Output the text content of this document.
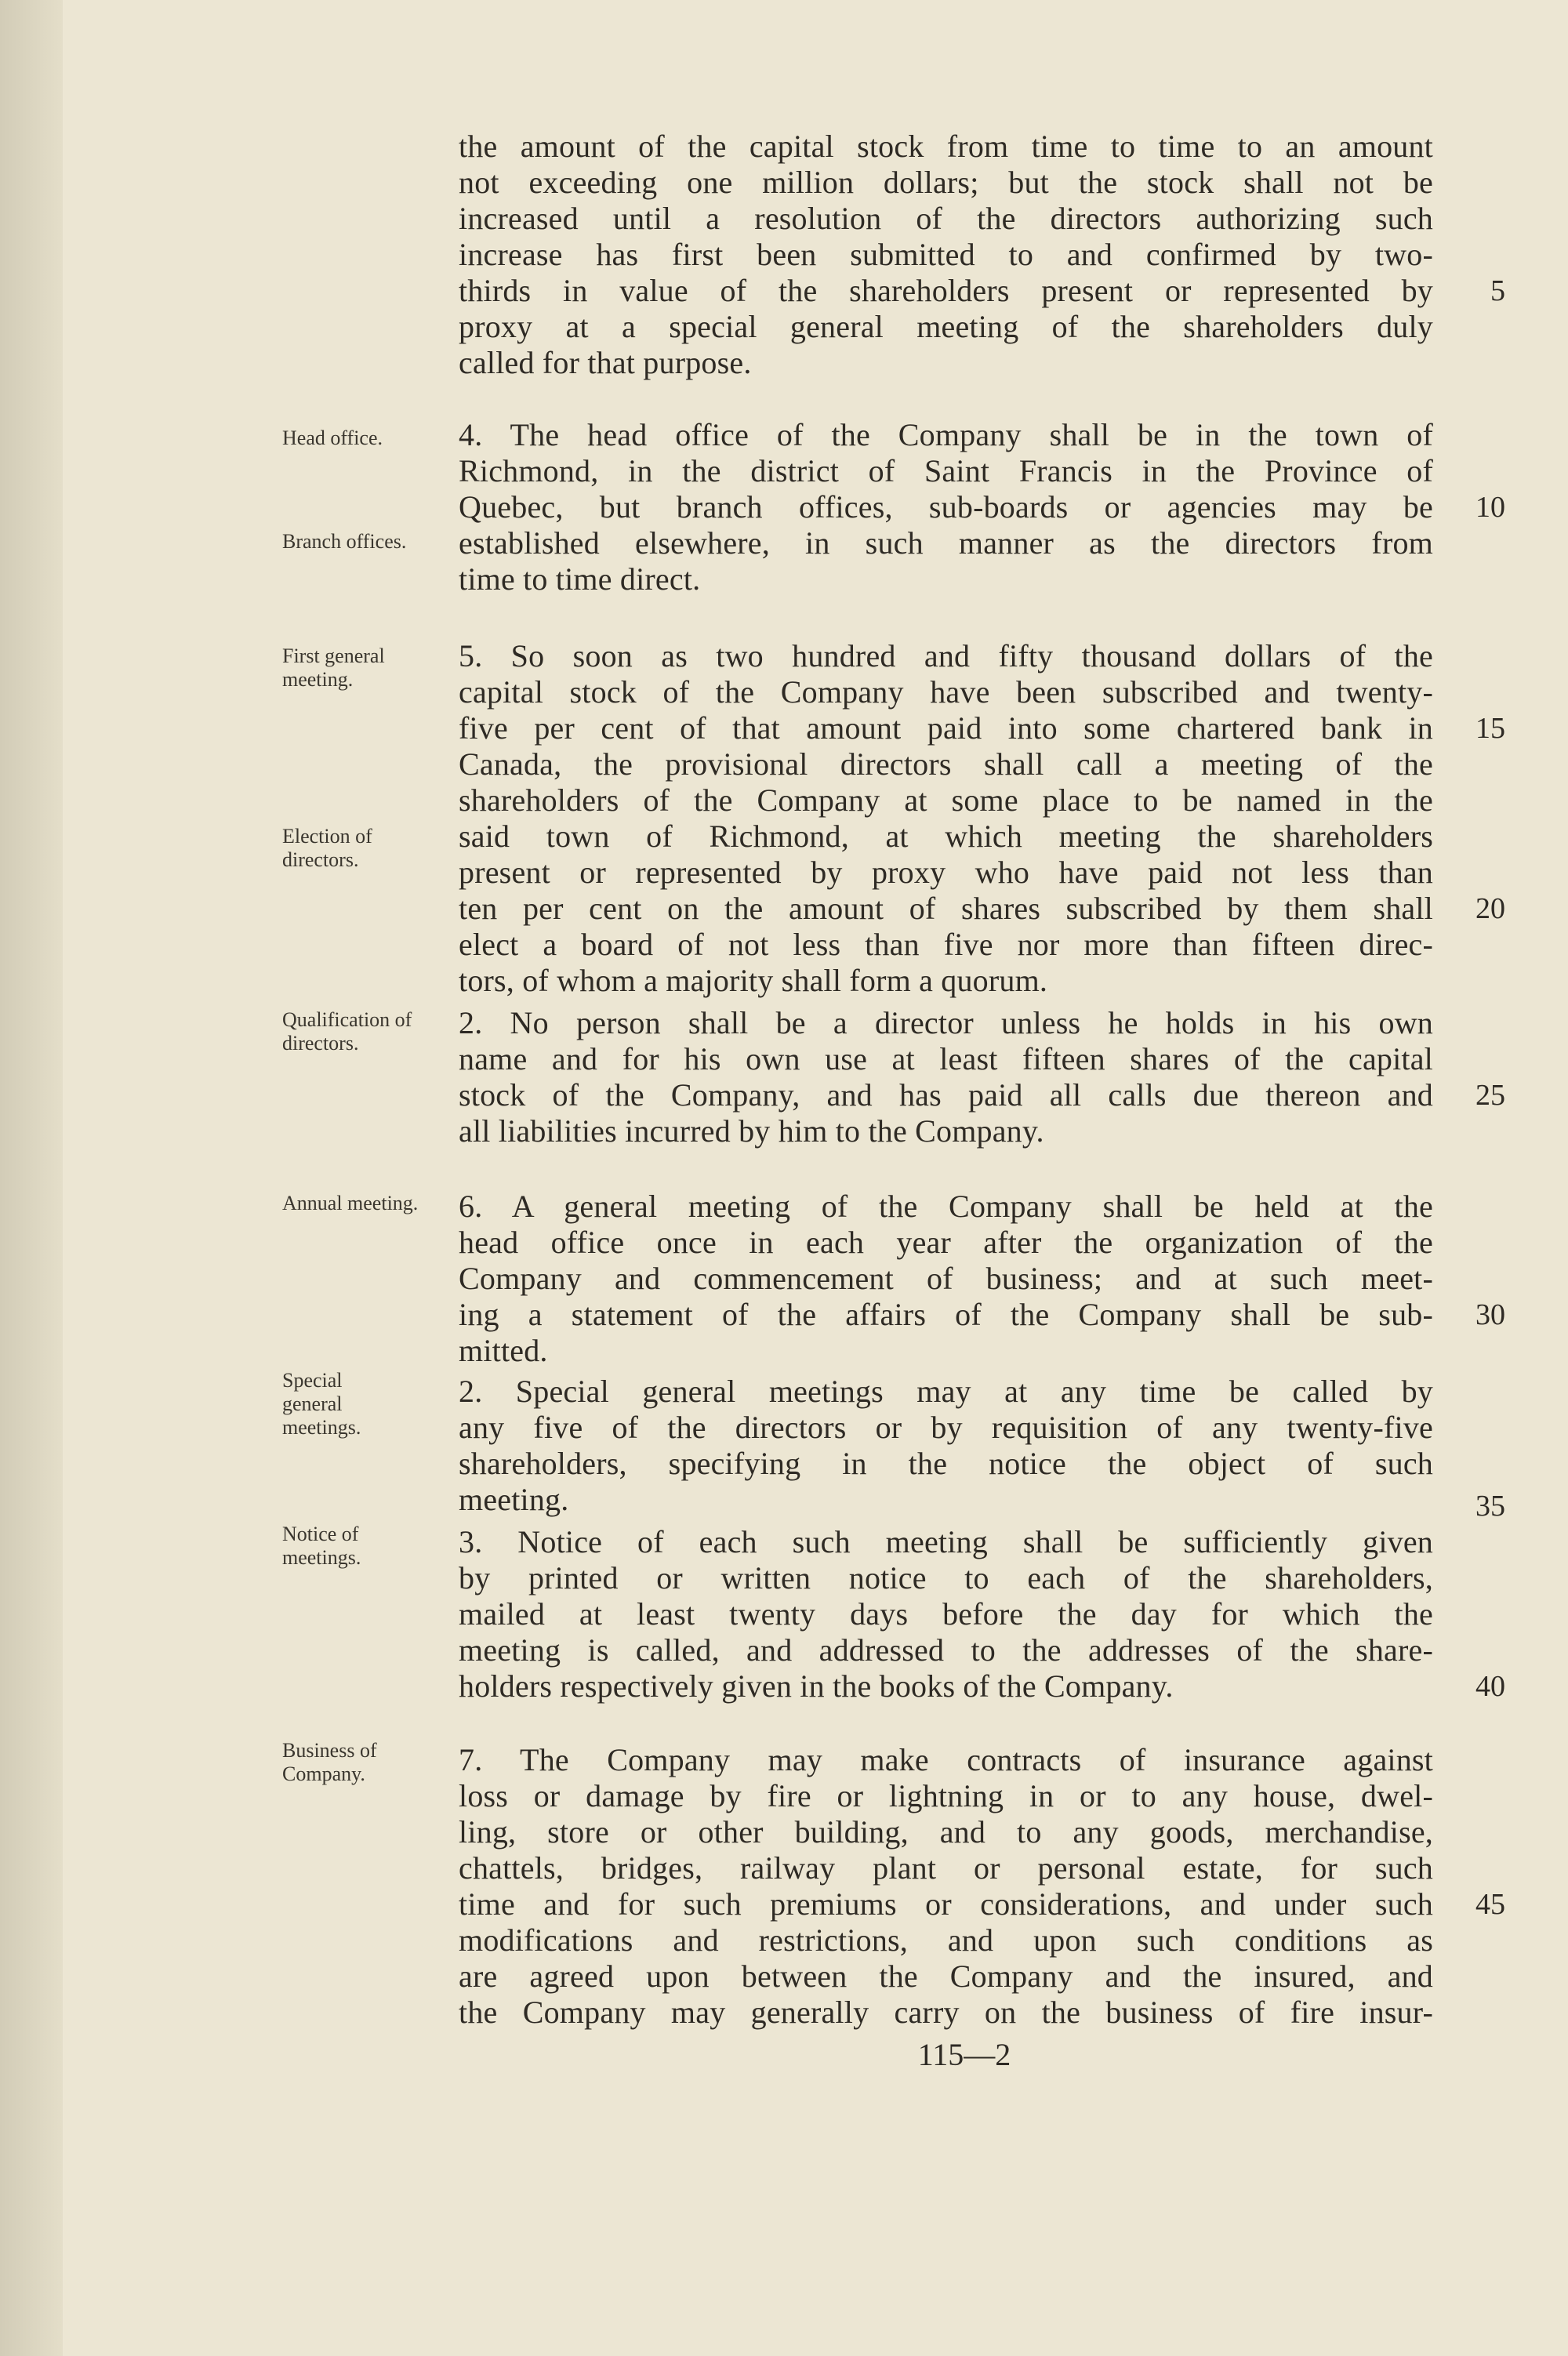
the amount of the capital stock from time to time to an amount
not exceeding one million dollars; but the stock shall not be
increased until a resolution of the directors authorizing such
increase has first been submitted to and confirmed by two-
thirds in value of the shareholders present or represented by
proxy at a special general meeting of the shareholders duly
called for that purpose.
4. The head office of the Company shall be in the town of
Richmond, in the district of Saint Francis in the Province of
Quebec, but branch offices, sub-boards or agencies may be
established elsewhere, in such manner as the directors from
time to time direct.
5. So soon as two hundred and fifty thousand dollars of the
capital stock of the Company have been subscribed and twenty-
five per cent of that amount paid into some chartered bank in
Canada, the provisional directors shall call a meeting of the
shareholders of the Company at some place to be named in the
said town of Richmond, at which meeting the shareholders
present or represented by proxy who have paid not less than
ten per cent on the amount of shares subscribed by them shall
elect a board of not less than five nor more than fifteen direc-
tors, of whom a majority shall form a quorum.
2. No person shall be a director unless he holds in his own
name and for his own use at least fifteen shares of the capital
stock of the Company, and has paid all calls due thereon and
all liabilities incurred by him to the Company.
6. A general meeting of the Company shall be held at the
head office once in each year after the organization of the
Company and commencement of business; and at such meet-
ing a statement of the affairs of the Company shall be sub-
mitted.
2. Special general meetings may at any time be called by
any five of the directors or by requisition of any twenty-five
shareholders, specifying in the notice the object of such
meeting.
3. Notice of each such meeting shall be sufficiently given
by printed or written notice to each of the shareholders,
mailed at least twenty days before the day for which the
meeting is called, and addressed to the addresses of the share-
holders respectively given in the books of the Company.
7. The Company may make contracts of insurance against
loss or damage by fire or lightning in or to any house, dwel-
ling, store or other building, and to any goods, merchandise,
chattels, bridges, railway plant or personal estate, for such
time and for such premiums or considerations, and under such
modifications and restrictions, and upon such conditions as
are agreed upon between the Company and the insured, and
the Company may generally carry on the business of fire insur-
Head office.
Branch offices.
First general meeting.
Election of directors.
Qualification of directors.
Annual meeting.
Special general meetings.
Notice of meetings.
Business of Company.
5
10
15
20
25
30
35
40
45
115—2
